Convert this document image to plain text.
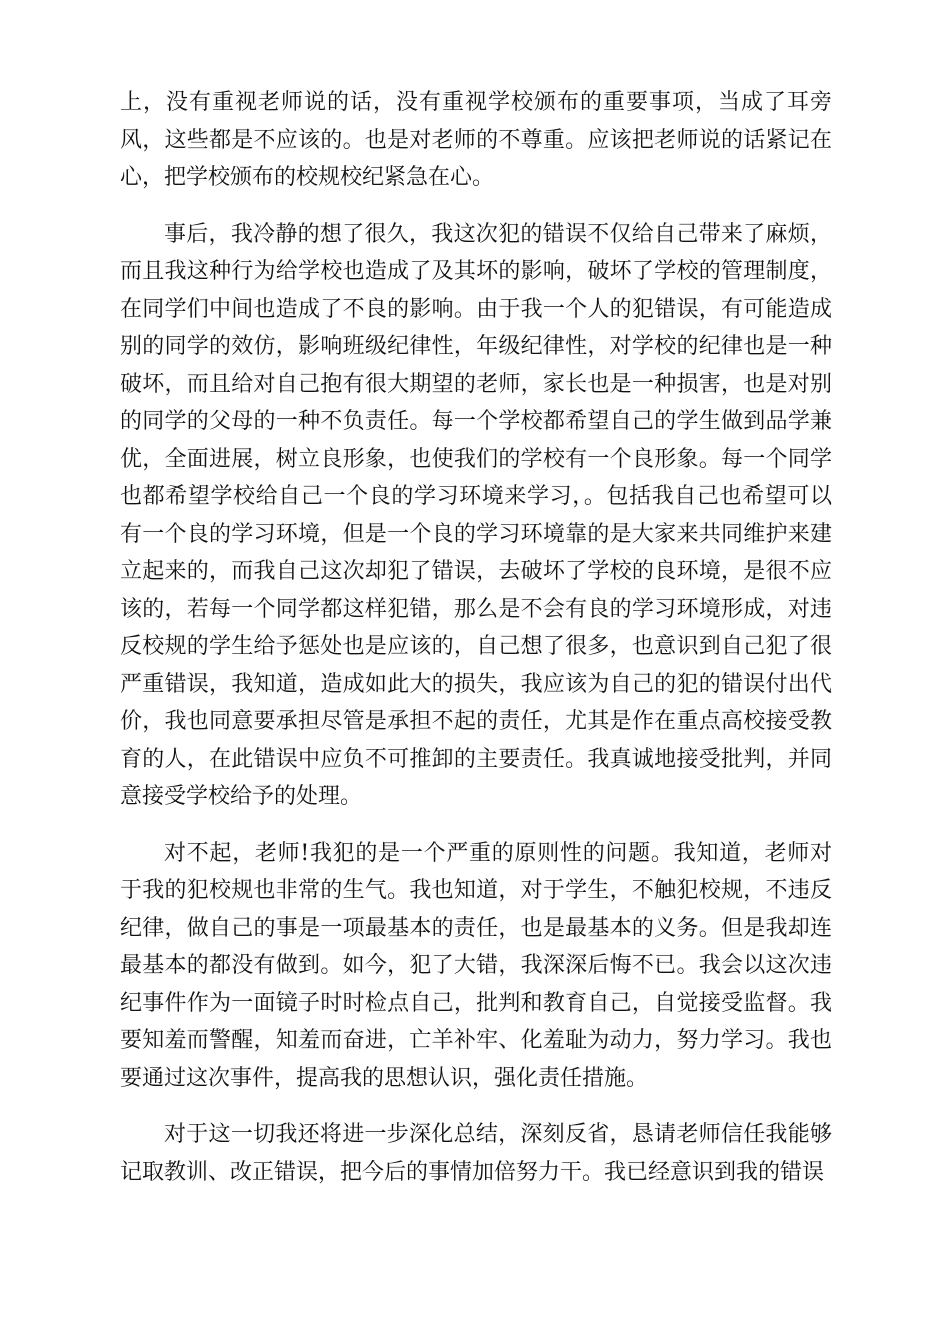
上，没有重视老师说的话，没有重视学校颁布的重要事项，当成了耳旁风，这些都是不应该的。也是对老师的不尊重。应该把老师说的话紧记在心，把学校颁布的校规校纪紧急在心。

事后，我冷静的想了很久，我这次犯的错误不仅给自己带来了麻烦，而且我这种行为给学校也造成了及其坏的影响，破坏了学校的管理制度，在同学们中间也造成了不良的影响。由于我一个人的犯错误，有可能造成别的同学的效仿，影响班级纪律性，年级纪律性，对学校的纪律也是一种破坏，而且给对自己抱有很大期望的老师，家长也是一种损害，也是对别的同学的父母的一种不负责任。每一个学校都希望自己的学生做到品学兼优，全面进展，树立良形象，也使我们的学校有一个良形象。每一个同学也都希望学校给自己一个良的学习环境来学习，。包括我自己也希望可以有一个良的学习环境，但是一个良的学习环境靠的是大家来共同维护来建立起来的，而我自己这次却犯了错误，去破坏了学校的良环境，是很不应该的，若每一个同学都这样犯错，那么是不会有良的学习环境形成，对违反校规的学生给予惩处也是应该的，自己想了很多，也意识到自己犯了很严重错误，我知道，造成如此大的损失，我应该为自己的犯的错误付出代价，我也同意要承担尽管是承担不起的责任，尤其是作在重点高校接受教育的人，在此错误中应负不可推卸的主要责任。我真诚地接受批判，并同意接受学校给予的处理。

对不起，老师!我犯的是一个严重的原则性的问题。我知道，老师对于我的犯校规也非常的生气。我也知道，对于学生，不触犯校规，不违反纪律，做自己的事是一项最基本的责任，也是最基本的义务。但是我却连最基本的都没有做到。如今，犯了大错，我深深后悔不已。我会以这次违纪事件作为一面镜子时时检点自己，批判和教育自己，自觉接受监督。我要知羞而警醒，知羞而奋进，亡羊补牢、化羞耻为动力，努力学习。我也要通过这次事件，提高我的思想认识，强化责任措施。

对于这一切我还将进一步深化总结，深刻反省，恳请老师信任我能够记取教训、改正错误，把今后的事情加倍努力干。我已经意识到我的错误
